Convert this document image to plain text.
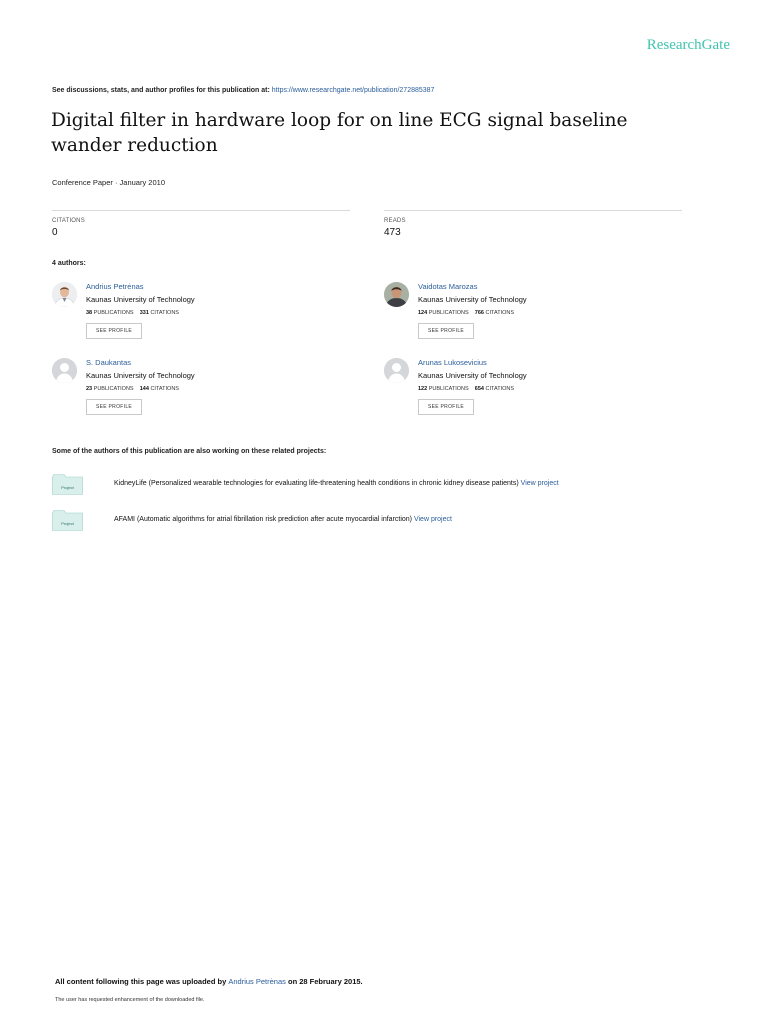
ResearchGate
See discussions, stats, and author profiles for this publication at: https://www.researchgate.net/publication/272885387
Digital filter in hardware loop for on line ECG signal baseline wander reduction
Conference Paper · January 2010
CITATIONS
0
READS
473
4 authors:
Andrius Petrėnas
Kaunas University of Technology
38 PUBLICATIONS 331 CITATIONS
SEE PROFILE
Vaidotas Marozas
Kaunas University of Technology
124 PUBLICATIONS 766 CITATIONS
SEE PROFILE
S. Daukantas
Kaunas University of Technology
23 PUBLICATIONS 144 CITATIONS
SEE PROFILE
Arunas Lukosevicius
Kaunas University of Technology
122 PUBLICATIONS 654 CITATIONS
SEE PROFILE
Some of the authors of this publication are also working on these related projects:
Project
KidneyLife (Personalized wearable technologies for evaluating life-threatening health conditions in chronic kidney disease patients) View project
Project
AFAMI (Automatic algorithms for atrial fibrillation risk prediction after acute myocardial infarction) View project
All content following this page was uploaded by Andrius Petrėnas on 28 February 2015.
The user has requested enhancement of the downloaded file.
